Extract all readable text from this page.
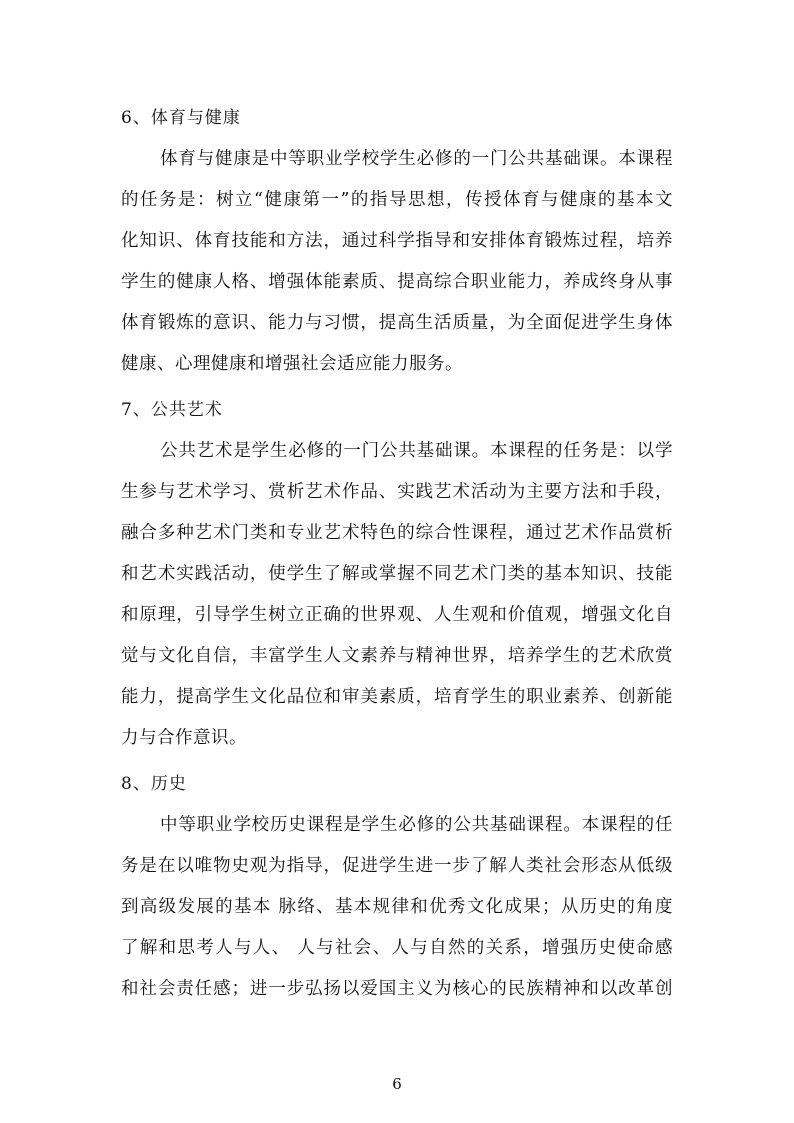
6、体育与健康
体育与健康是中等职业学校学生必修的一门公共基础课。本课程
的任务是：树立“健康第一”的指导思想，传授体育与健康的基本文
化知识、体育技能和方法，通过科学指导和安排体育锻炼过程，培养
学生的健康人格、增强体能素质、提高综合职业能力，养成终身从事
体育锻炼的意识、能力与习惯，提高生活质量，为全面促进学生身体
健康、心理健康和增强社会适应能力服务。
7、公共艺术
公共艺术是学生必修的一门公共基础课。本课程的任务是：以学
生参与艺术学习、赏析艺术作品、实践艺术活动为主要方法和手段，
融合多种艺术门类和专业艺术特色的综合性课程，通过艺术作品赏析
和艺术实践活动，使学生了解或掌握不同艺术门类的基本知识、技能
和原理，引导学生树立正确的世界观、人生观和价值观，增强文化自
觉与文化自信，丰富学生人文素养与精神世界，培养学生的艺术欣赏
能力，提高学生文化品位和审美素质，培育学生的职业素养、创新能
力与合作意识。
8、历史
中等职业学校历史课程是学生必修的公共基础课程。本课程的任
务是在以唯物史观为指导，促进学生进一步了解人类社会形态从低级
到高级发展的基本 脉络、基本规律和优秀文化成果；从历史的角度
了解和思考人与人、 人与社会、人与自然的关系，增强历史使命感
和社会责任感；进一步弘扬以爱国主义为核心的民族精神和以改革创
6
